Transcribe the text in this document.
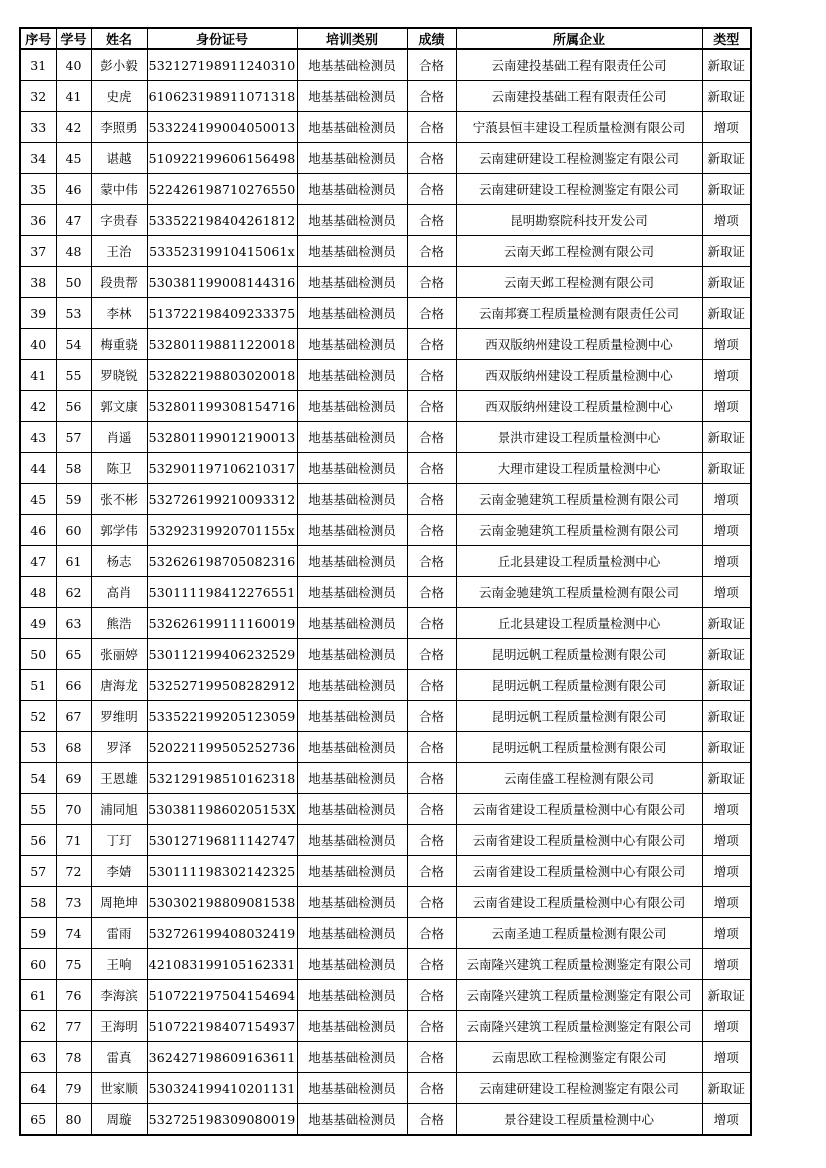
序号	学号	姓名	身份证号	培训类别	成绩	所属企业	类型
31	40	彭小毅	532127198911240310	地基基础检测员	合格	云南建投基础工程有限责任公司	新取证
32	41	史虎	610623198911071318	地基基础检测员	合格	云南建投基础工程有限责任公司	新取证
33	42	李照勇	533224199004050013	地基基础检测员	合格	宁蒗县恒丰建设工程质量检测有限公司	增项
34	45	谌越	510922199606156498	地基基础检测员	合格	云南建研建设工程检测鉴定有限公司	新取证
35	46	蒙中伟	522426198710276550	地基基础检测员	合格	云南建研建设工程检测鉴定有限公司	新取证
36	47	字贵春	533522198404261812	地基基础检测员	合格	昆明勘察院科技开发公司	增项
37	48	王治	53352319910415061x	地基基础检测员	合格	云南天邺工程检测有限公司	新取证
38	50	段贵帮	530381199008144316	地基基础检测员	合格	云南天邺工程检测有限公司	新取证
39	53	李林	513722198409233375	地基基础检测员	合格	云南邦赛工程质量检测有限责任公司	新取证
40	54	梅重骁	532801198811220018	地基基础检测员	合格	西双版纳州建设工程质量检测中心	增项
41	55	罗晓锐	532822198803020018	地基基础检测员	合格	西双版纳州建设工程质量检测中心	增项
42	56	郭文康	532801199308154716	地基基础检测员	合格	西双版纳州建设工程质量检测中心	增项
43	57	肖遥	532801199012190013	地基基础检测员	合格	景洪市建设工程质量检测中心	新取证
44	58	陈卫	532901197106210317	地基基础检测员	合格	大理市建设工程质量检测中心	新取证
45	59	张不彬	532726199210093312	地基基础检测员	合格	云南金驰建筑工程质量检测有限公司	增项
46	60	郭学伟	53292319920701155x	地基基础检测员	合格	云南金驰建筑工程质量检测有限公司	增项
47	61	杨志	532626198705082316	地基基础检测员	合格	丘北县建设工程质量检测中心	增项
48	62	高肖	530111198412276551	地基基础检测员	合格	云南金驰建筑工程质量检测有限公司	增项
49	63	熊浩	532626199111160019	地基基础检测员	合格	丘北县建设工程质量检测中心	新取证
50	65	张丽婷	530112199406232529	地基基础检测员	合格	昆明远帆工程质量检测有限公司	新取证
51	66	唐海龙	532527199508282912	地基基础检测员	合格	昆明远帆工程质量检测有限公司	新取证
52	67	罗维明	533522199205123059	地基基础检测员	合格	昆明远帆工程质量检测有限公司	新取证
53	68	罗泽	520221199505252736	地基基础检测员	合格	昆明远帆工程质量检测有限公司	新取证
54	69	王恩雄	532129198510162318	地基基础检测员	合格	云南佳盛工程检测有限公司	新取证
55	70	浦同旭	53038119860205153X	地基基础检测员	合格	云南省建设工程质量检测中心有限公司	增项
56	71	丁玎	530127196811142747	地基基础检测员	合格	云南省建设工程质量检测中心有限公司	增项
57	72	李婧	530111198302142325	地基基础检测员	合格	云南省建设工程质量检测中心有限公司	增项
58	73	周艳坤	530302198809081538	地基基础检测员	合格	云南省建设工程质量检测中心有限公司	增项
59	74	雷雨	532726199408032419	地基基础检测员	合格	云南圣迪工程质量检测有限公司	增项
60	75	王响	421083199105162331	地基基础检测员	合格	云南隆兴建筑工程质量检测鉴定有限公司	增项
61	76	李海滨	510722197504154694	地基基础检测员	合格	云南隆兴建筑工程质量检测鉴定有限公司	新取证
62	77	王海明	510722198407154937	地基基础检测员	合格	云南隆兴建筑工程质量检测鉴定有限公司	增项
63	78	雷真	362427198609163611	地基基础检测员	合格	云南思欧工程检测鉴定有限公司	增项
64	79	世家顺	530324199410201131	地基基础检测员	合格	云南建研建设工程检测鉴定有限公司	新取证
65	80	周璇	532725198309080019	地基基础检测员	合格	景谷建设工程质量检测中心	增项
